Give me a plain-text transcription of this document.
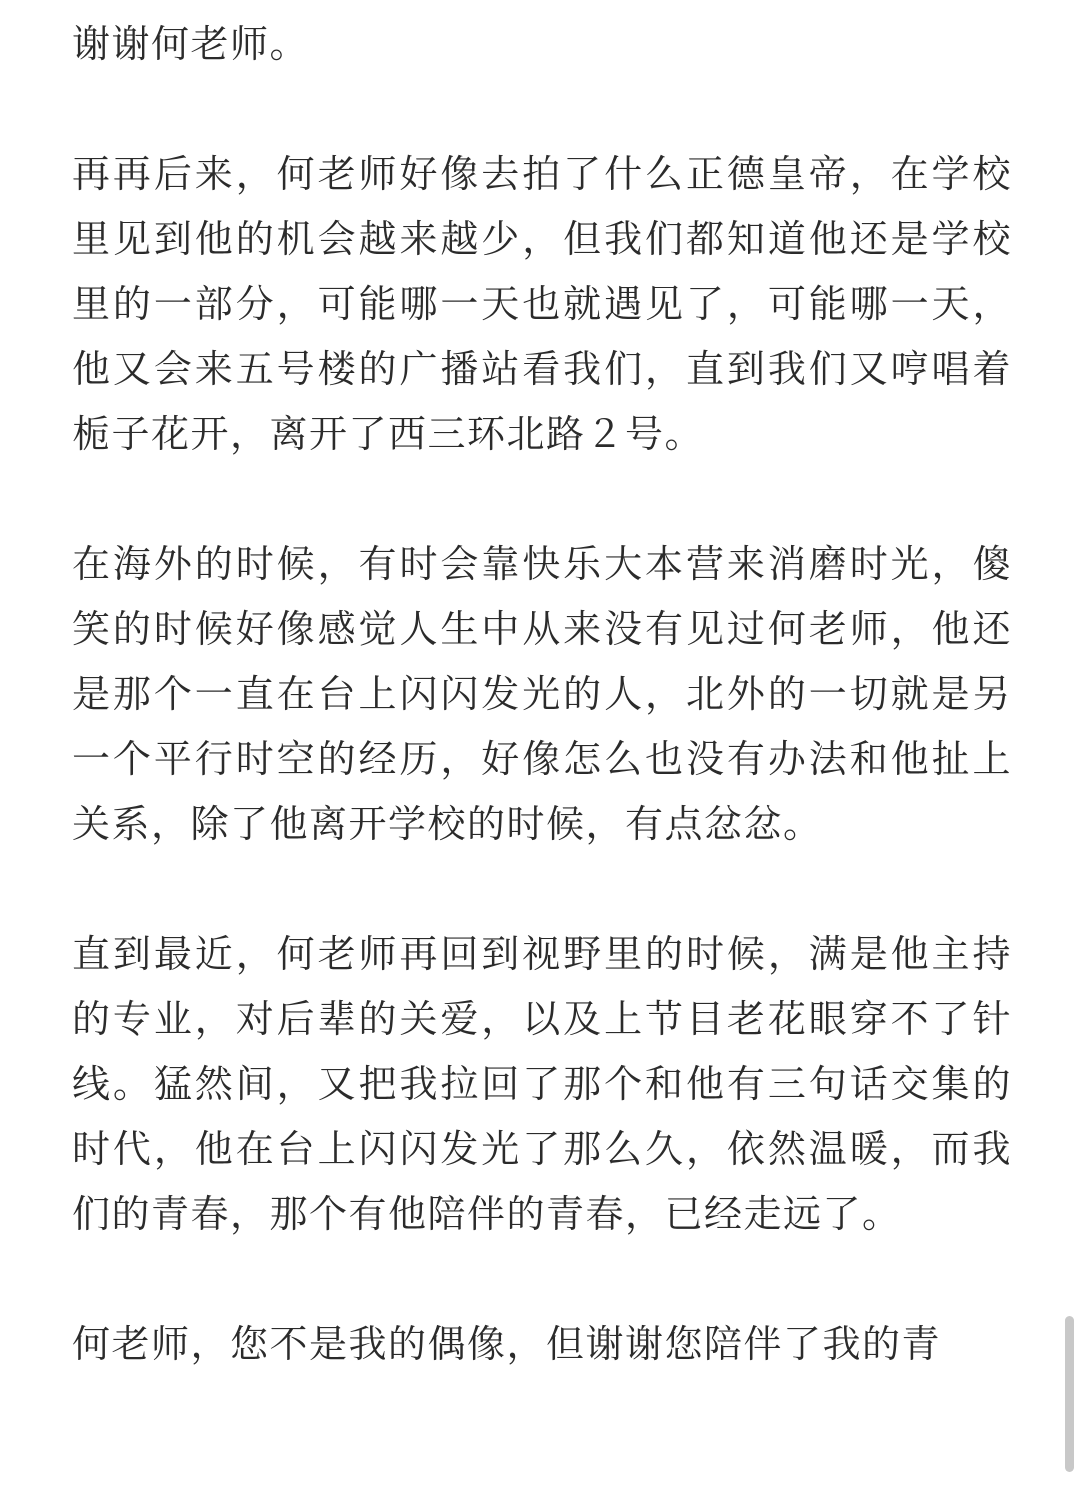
谢谢何老师。

再再后来，何老师好像去拍了什么正德皇帝，在学校里见到他的机会越来越少，但我们都知道他还是学校里的一部分，可能哪一天也就遇见了，可能哪一天，他又会来五号楼的广播站看我们，直到我们又哼唱着栀子花开，离开了西三环北路２号。

在海外的时候，有时会靠快乐大本营来消磨时光，傻笑的时候好像感觉人生中从来没有见过何老师，他还是那个一直在台上闪闪发光的人，北外的一切就是另一个平行时空的经历，好像怎么也没有办法和他扯上关系，除了他离开学校的时候，有点忿忿。

直到最近，何老师再回到视野里的时候，满是他主持的专业，对后辈的关爱，以及上节目老花眼穿不了针线。猛然间，又把我拉回了那个和他有三句话交集的时代，他在台上闪闪发光了那么久，依然温暖，而我们的青春，那个有他陪伴的青春，已经走远了。

何老师，您不是我的偶像，但谢谢您陪伴了我的青
